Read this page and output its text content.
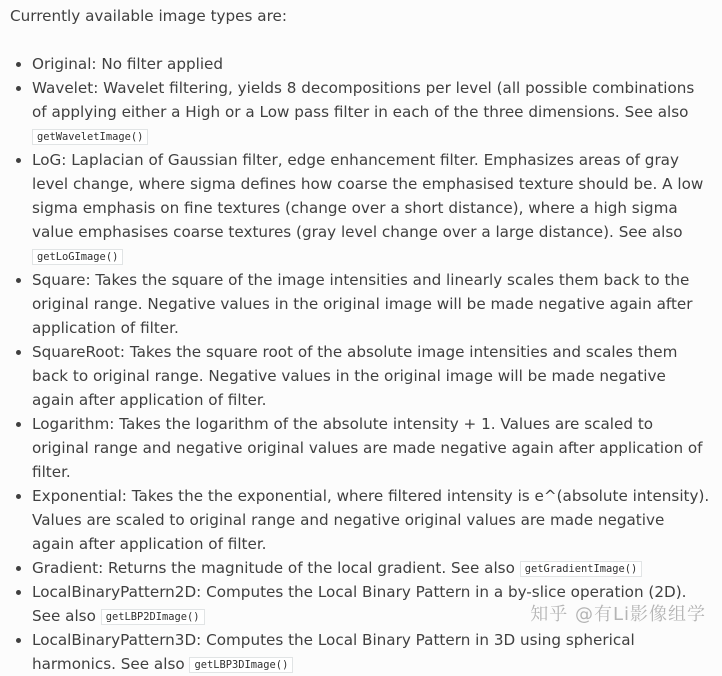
Currently available image types are:

• Original: No filter applied
• Wavelet: Wavelet filtering, yields 8 decompositions per level (all possible combinations of applying either a High or a Low pass filter in each of the three dimensions. See also getWaveletImage()
• LoG: Laplacian of Gaussian filter, edge enhancement filter. Emphasizes areas of gray level change, where sigma defines how coarse the emphasised texture should be. A low sigma emphasis on fine textures (change over a short distance), where a high sigma value emphasises coarse textures (gray level change over a large distance). See also getLoGImage()
• Square: Takes the square of the image intensities and linearly scales them back to the original range. Negative values in the original image will be made negative again after application of filter.
• SquareRoot: Takes the square root of the absolute image intensities and scales them back to original range. Negative values in the original image will be made negative again after application of filter.
• Logarithm: Takes the logarithm of the absolute intensity + 1. Values are scaled to original range and negative original values are made negative again after application of filter.
• Exponential: Takes the the exponential, where filtered intensity is e^(absolute intensity). Values are scaled to original range and negative original values are made negative again after application of filter.
• Gradient: Returns the magnitude of the local gradient. See also getGradientImage()
• LocalBinaryPattern2D: Computes the Local Binary Pattern in a by-slice operation (2D). See also getLBP2DImage()
• LocalBinaryPattern3D: Computes the Local Binary Pattern in 3D using spherical harmonics. See also getLBP3DImage()
知乎 @有Li影像组学
